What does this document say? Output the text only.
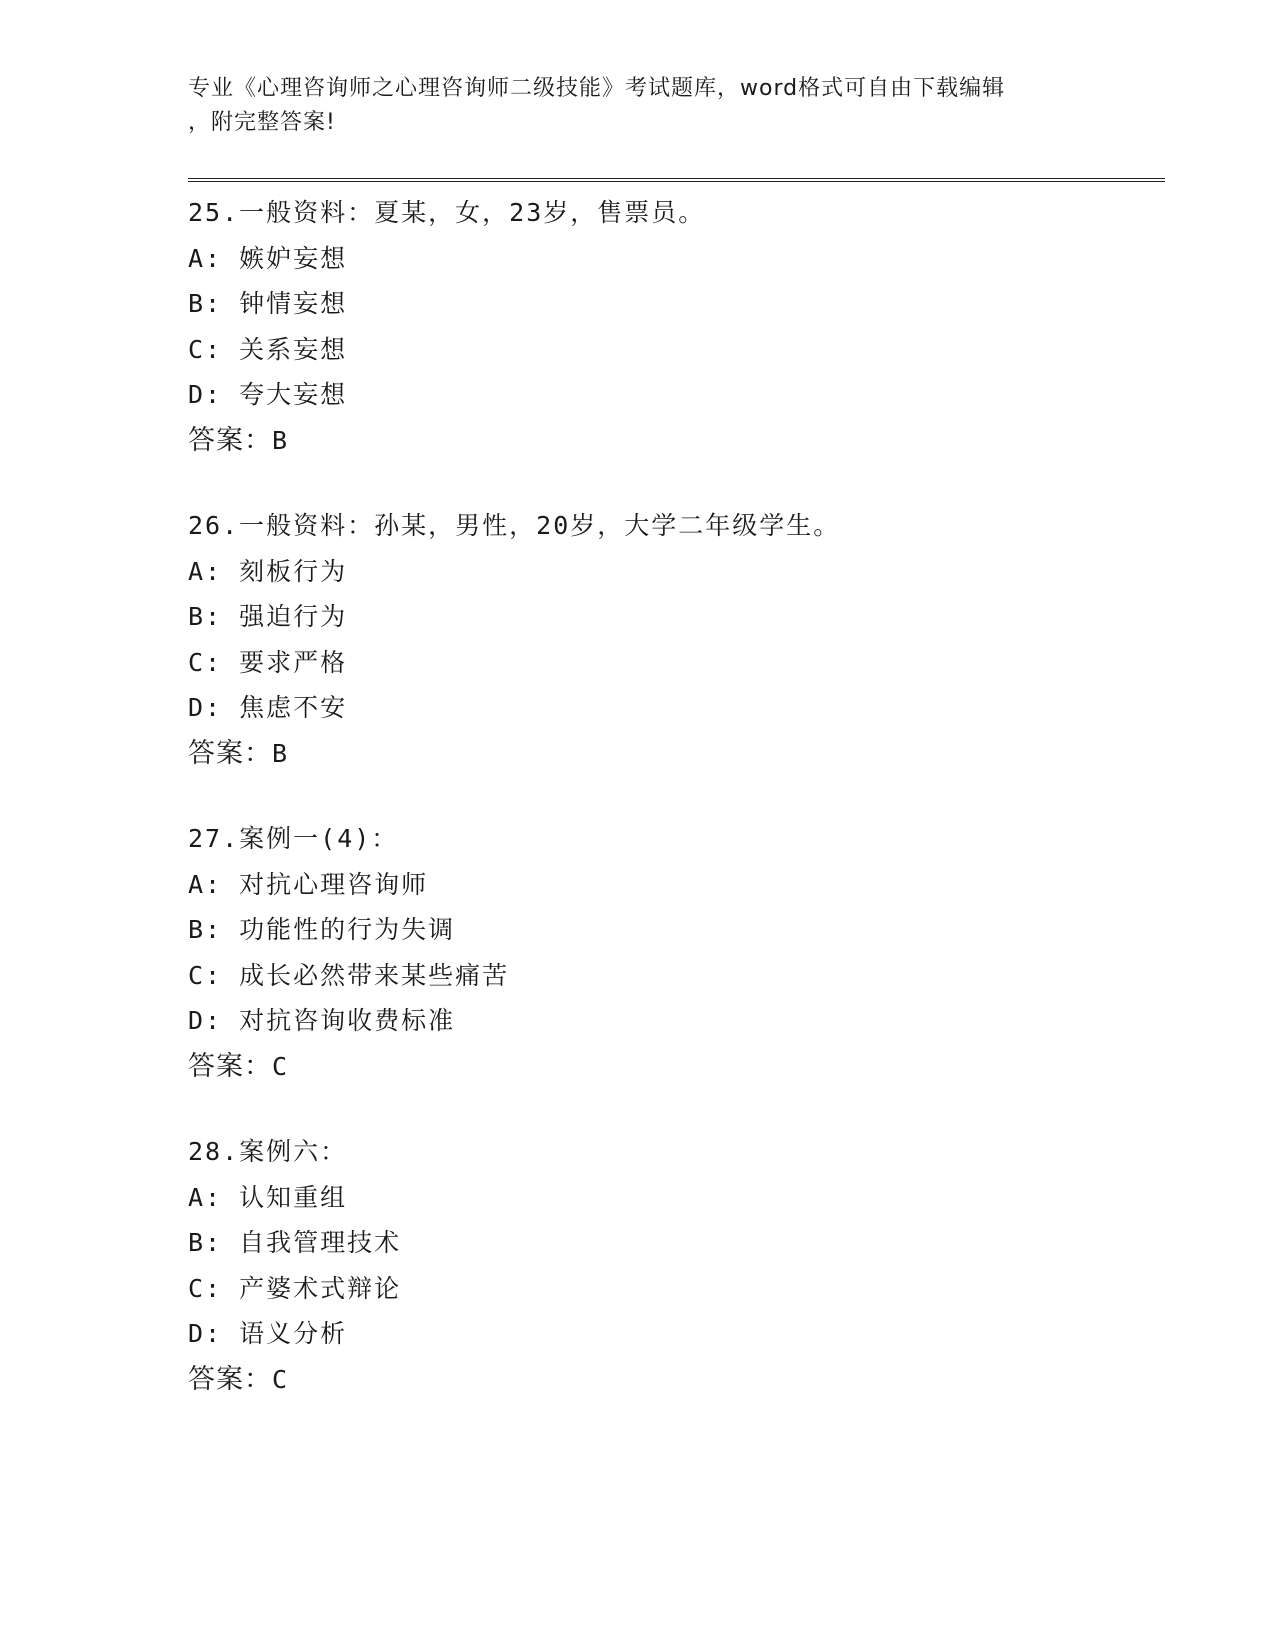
专业《心理咨询师之心理咨询师二级技能》考试题库，word格式可自由下载编辑
，附完整答案!
25.一般资料：夏某，女，23岁，售票员。
A: 嫉妒妄想
B: 钟情妄想
C: 关系妄想
D: 夸大妄想
答案：B
26.一般资料：孙某，男性，20岁，大学二年级学生。
A: 刻板行为
B: 强迫行为
C: 要求严格
D: 焦虑不安
答案：B
27.案例一(4)：
A: 对抗心理咨询师
B: 功能性的行为失调
C: 成长必然带来某些痛苦
D: 对抗咨询收费标准
答案：C
28.案例六：
A: 认知重组
B: 自我管理技术
C: 产婆术式辩论
D: 语义分析
答案：C
